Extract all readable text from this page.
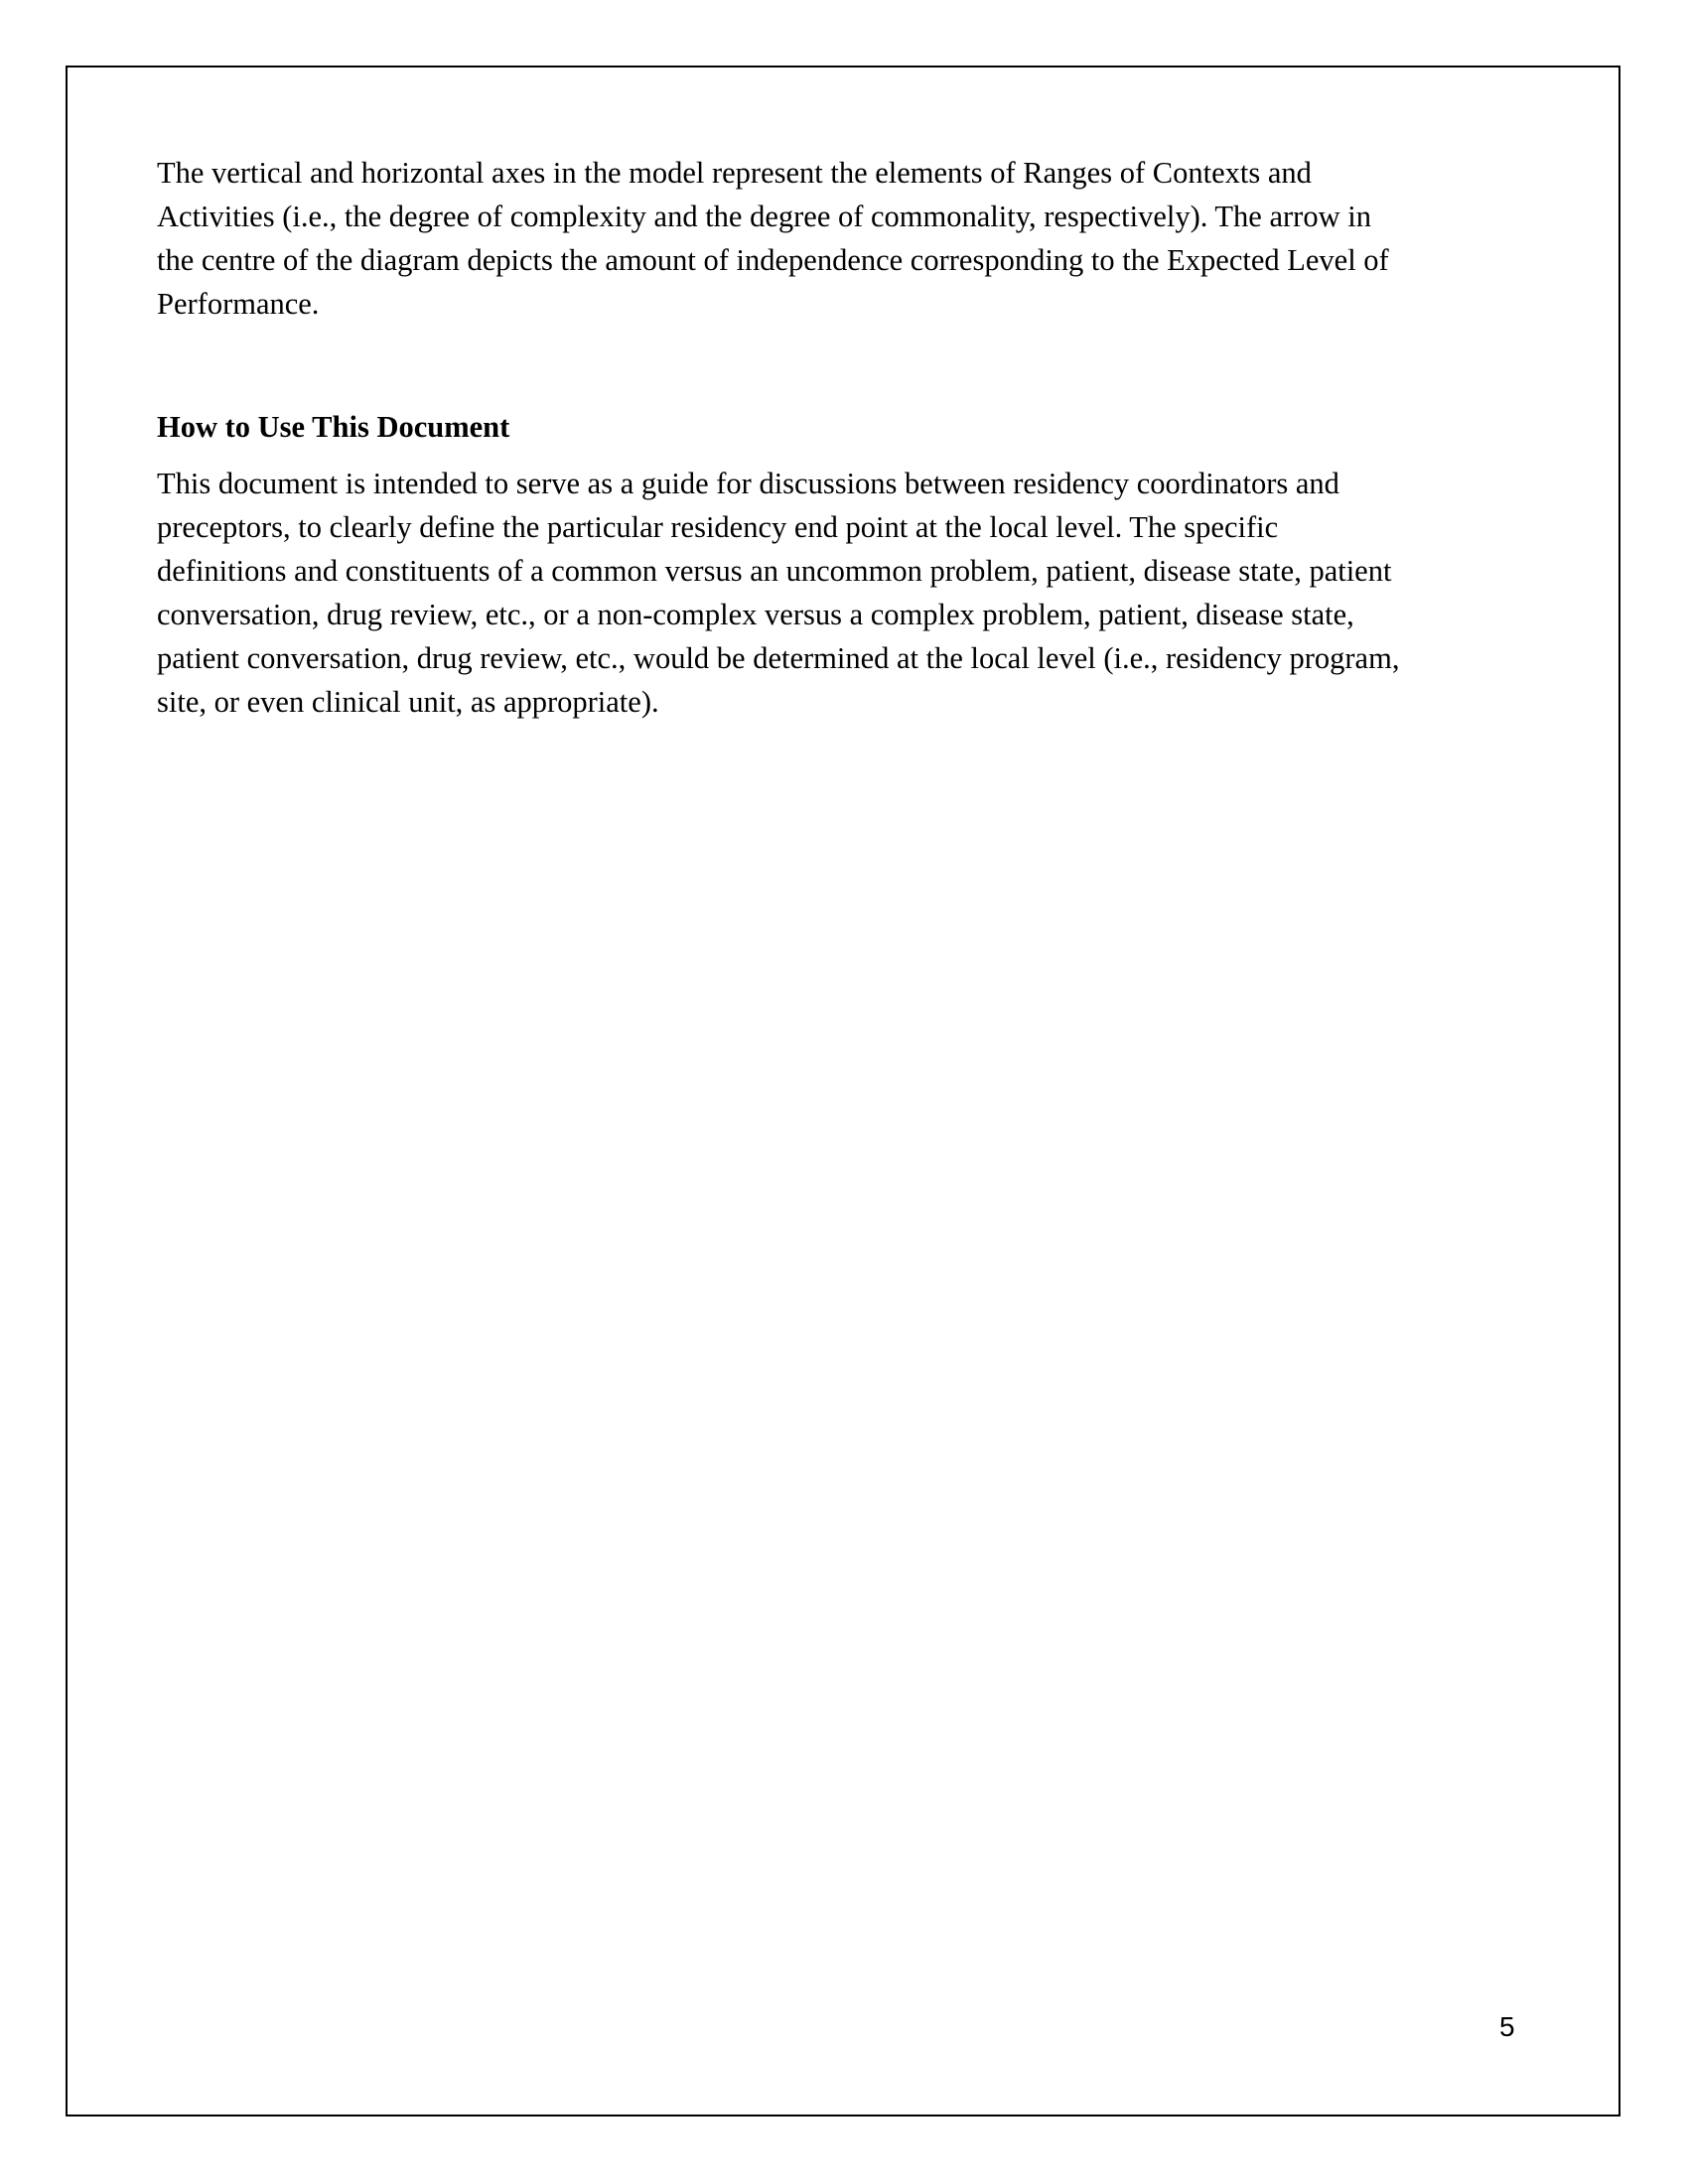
The vertical and horizontal axes in the model represent the elements of Ranges of Contexts and
Activities (i.e., the degree of complexity and the degree of commonality, respectively). The arrow in
the centre of the diagram depicts the amount of independence corresponding to the Expected Level of
Performance.

How to Use This Document

This document is intended to serve as a guide for discussions between residency coordinators and
preceptors, to clearly define the particular residency end point at the local level. The specific
definitions and constituents of a common versus an uncommon problem, patient, disease state, patient
conversation, drug review, etc., or a non-complex versus a complex problem, patient, disease state,
patient conversation, drug review, etc., would be determined at the local level (i.e., residency program,
site, or even clinical unit, as appropriate).

5
